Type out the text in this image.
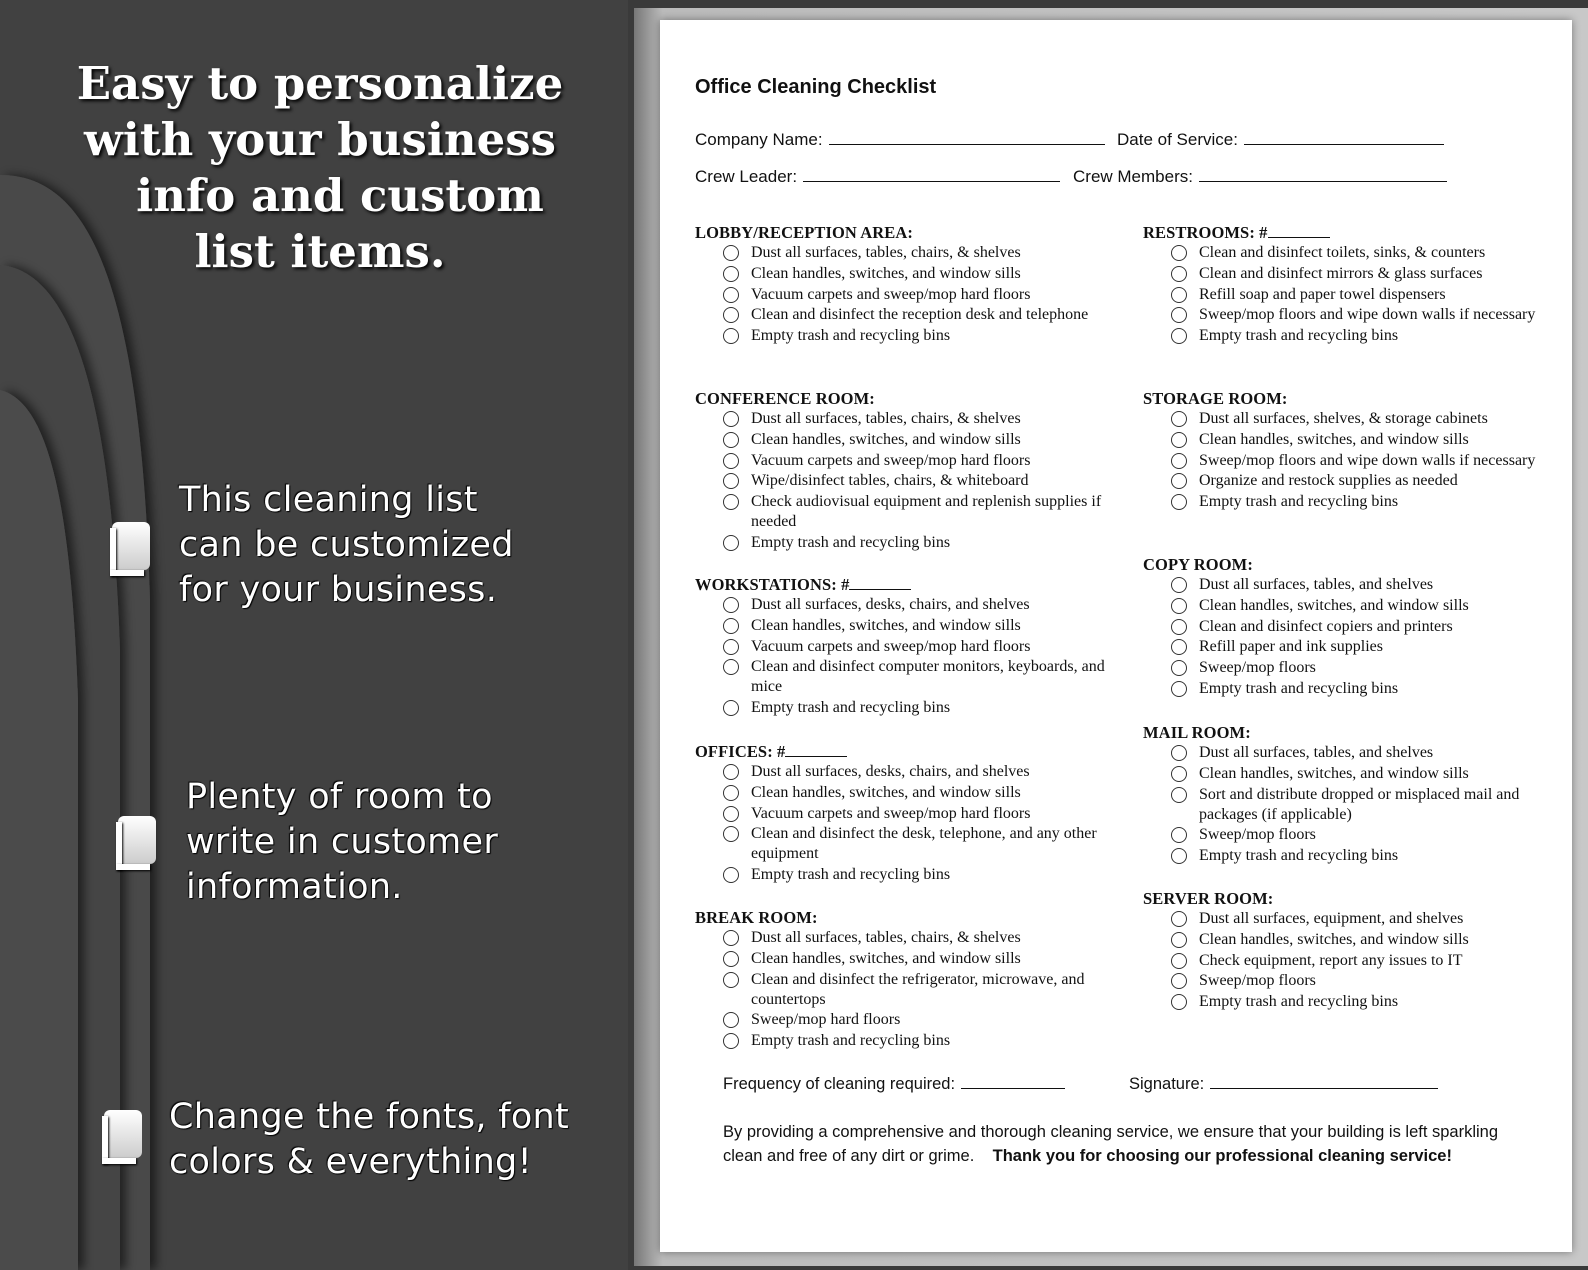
Easy to personalize
with your business
info and custom
list items.
This cleaning list
can be customized
for your business.
Plenty of room to
write in customer
information.
Change the fonts, font
colors & everything!
Office Cleaning Checklist
Company Name:	Date of Service:
Crew Leader:	Crew Members:
LOBBY/RECEPTION AREA:
Dust all surfaces, tables, chairs, & shelves
Clean handles, switches, and window sills
Vacuum carpets and sweep/mop hard floors
Clean and disinfect the reception desk and telephone
Empty trash and recycling bins
CONFERENCE ROOM:
Dust all surfaces, tables, chairs, & shelves
Clean handles, switches, and window sills
Vacuum carpets and sweep/mop hard floors
Wipe/disinfect tables, chairs, & whiteboard
Check audiovisual equipment and replenish supplies if needed
Empty trash and recycling bins
WORKSTATIONS: #
Dust all surfaces, desks, chairs, and shelves
Clean handles, switches, and window sills
Vacuum carpets and sweep/mop hard floors
Clean and disinfect computer monitors, keyboards, and mice
Empty trash and recycling bins
OFFICES: #
Dust all surfaces, desks, chairs, and shelves
Clean handles, switches, and window sills
Vacuum carpets and sweep/mop hard floors
Clean and disinfect the desk, telephone, and any other equipment
Empty trash and recycling bins
BREAK ROOM:
Dust all surfaces, tables, chairs, & shelves
Clean handles, switches, and window sills
Clean and disinfect the refrigerator, microwave, and countertops
Sweep/mop hard floors
Empty trash and recycling bins
RESTROOMS: #
Clean and disinfect toilets, sinks, & counters
Clean and disinfect mirrors & glass surfaces
Refill soap and paper towel dispensers
Sweep/mop floors and wipe down walls if necessary
Empty trash and recycling bins
STORAGE ROOM:
Dust all surfaces, shelves, & storage cabinets
Clean handles, switches, and window sills
Sweep/mop floors and wipe down walls if necessary
Organize and restock supplies as needed
Empty trash and recycling bins
COPY ROOM:
Dust all surfaces, tables, and shelves
Clean handles, switches, and window sills
Clean and disinfect copiers and printers
Refill paper and ink supplies
Sweep/mop floors
Empty trash and recycling bins
MAIL ROOM:
Dust all surfaces, tables, and shelves
Clean handles, switches, and window sills
Sort and distribute dropped or misplaced mail and packages (if applicable)
Sweep/mop floors
Empty trash and recycling bins
SERVER ROOM:
Dust all surfaces, equipment, and shelves
Clean handles, switches, and window sills
Check equipment, report any issues to IT
Sweep/mop floors
Empty trash and recycling bins
Frequency of cleaning required:	Signature:
By providing a comprehensive and thorough cleaning service, we ensure that your building is left sparkling clean and free of any dirt or grime. Thank you for choosing our professional cleaning service!
